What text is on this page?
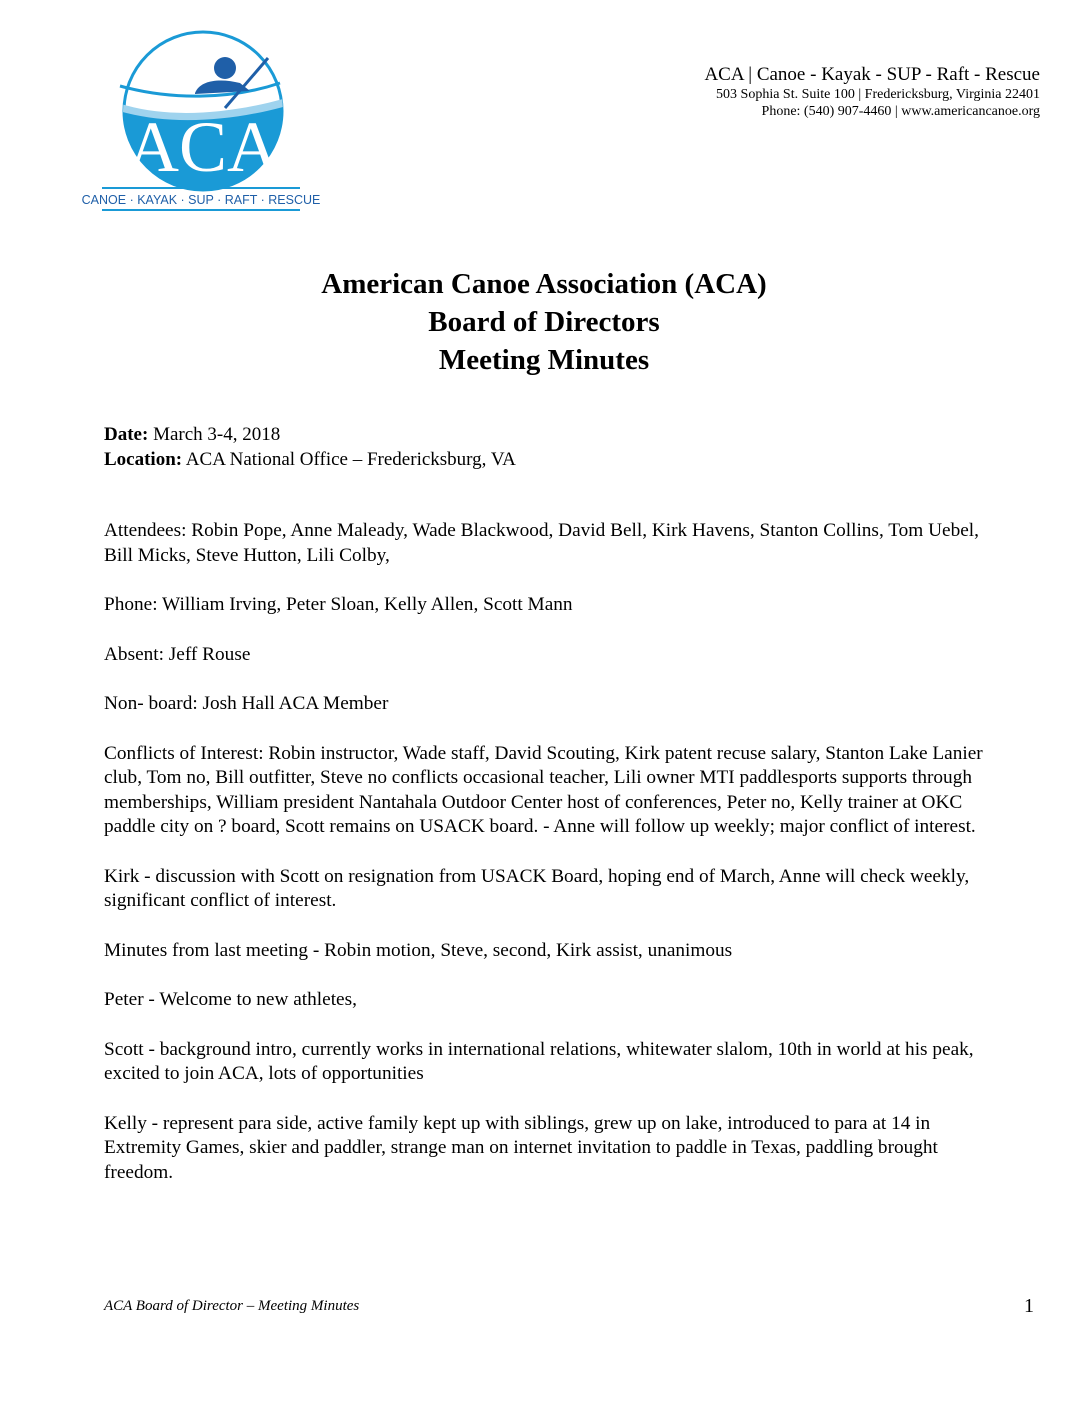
ACA
CANOE · KAYAK · SUP · RAFT · RESCUE
ACA | Canoe - Kayak - SUP - Raft - Rescue
503 Sophia St. Suite 100 | Fredericksburg, Virginia 22401
Phone: (540) 907-4460 | www.americancanoe.org
American Canoe Association (ACA)
Board of Directors
Meeting Minutes
Date: March 3-4, 2018
Location: ACA National Office – Fredericksburg, VA

Attendees: Robin Pope, Anne Maleady, Wade Blackwood, David Bell, Kirk Havens, Stanton Collins, Tom Uebel, Bill Micks, Steve Hutton, Lili Colby,

Phone: William Irving, Peter Sloan, Kelly Allen, Scott Mann

Absent: Jeff Rouse

Non- board: Josh Hall ACA Member

Conflicts of Interest: Robin instructor, Wade staff, David Scouting, Kirk patent recuse salary, Stanton Lake Lanier club, Tom no, Bill outfitter, Steve no conflicts occasional teacher, Lili owner MTI paddlesports supports through memberships, William president Nantahala Outdoor Center host of conferences, Peter no, Kelly trainer at OKC paddle city on ? board, Scott remains on USACK board. - Anne will follow up weekly; major conflict of interest.

Kirk - discussion with Scott on resignation from USACK Board, hoping end of March, Anne will check weekly, significant conflict of interest.

Minutes from last meeting - Robin motion, Steve, second, Kirk assist, unanimous

Peter - Welcome to new athletes,

Scott - background intro, currently works in international relations, whitewater slalom, 10th in world at his peak, excited to join ACA, lots of opportunities

Kelly - represent para side, active family kept up with siblings, grew up on lake, introduced to para at 14 in Extremity Games, skier and paddler, strange man on internet invitation to paddle in Texas, paddling brought freedom.

ACA Board of Director – Meeting Minutes	1
